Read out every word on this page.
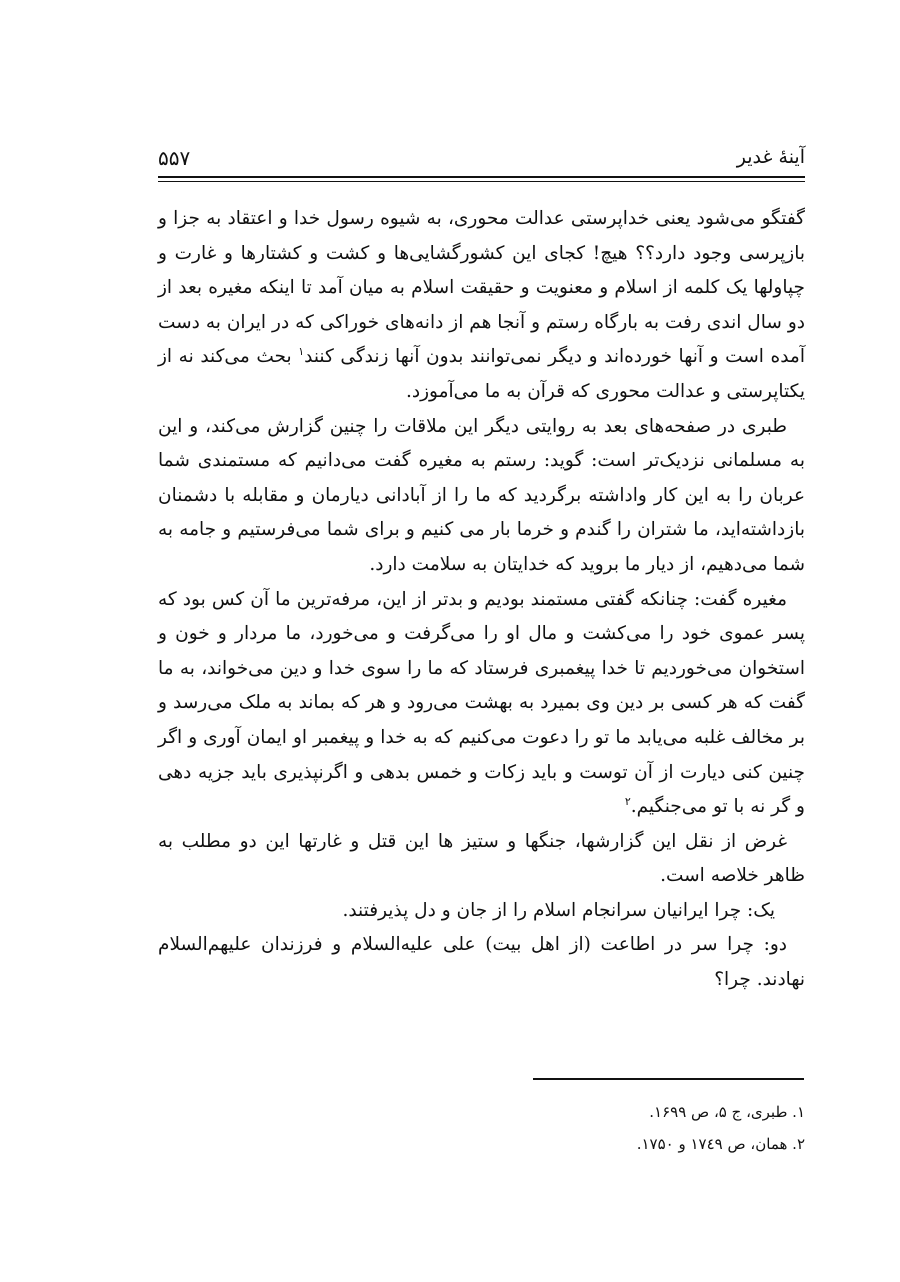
آینهٔ غدیر
۵۵۷

گفتگو می‌شود یعنی خداپرستی عدالت محوری، به شیوه رسول خدا و اعتقاد به جزا و بازپرسی وجود دارد؟؟ هیچ! کجای این کشورگشایی‌ها و کشت و کشتارها و غارت و چپاولها یک کلمه از اسلام و معنویت و حقیقت اسلام به میان آمد تا اینکه مغیره بعد از دو سال اندی رفت به بارگاه رستم و آنجا هم از دانه‌های خوراکی که در ایران به دست آمده است و آنها خورده‌اند و دیگر نمی‌توانند بدون آنها زندگی کنند$^۱$ بحث می‌کند نه از یکتاپرستی و عدالت محوری که قرآن به ما می‌آموزد.

طبری در صفحه‌های بعد به روایتی دیگر این ملاقات را چنین گزارش می‌کند، و این به مسلمانی نزدیک‌تر است: گوید: رستم به مغیره گفت می‌دانیم که مستمندی شما عربان را به این کار واداشته برگردید که ما را از آبادانی دیارمان و مقابله با دشمنان بازداشته‌اید، ما شتران را گندم و خرما بار می کنیم و برای شما می‌فرستیم و جامه به شما می‌دهیم، از دیار ما بروید که خدایتان به سلامت دارد.

مغیره گفت: چنانکه گفتی مستمند بودیم و بدتر از این، مرفه‌ترین ما آن کس بود که پسر عموی خود را می‌کشت و مال او را می‌گرفت و می‌خورد، ما مردار و خون و استخوان می‌خوردیم تا خدا پیغمبری فرستاد که ما را سوی خدا و دین می‌خواند، به ما گفت که هر کسی بر دین وی بمیرد به بهشت می‌رود و هر که بماند به ملک می‌رسد و بر مخالف غلبه می‌یابد ما تو را دعوت می‌کنیم که به خدا و پیغمبر او ایمان آوری و اگر چنین کنی دیارت از آن توست و باید زکات و خمس بدهی و اگرنپذیری باید جزیه دهی و گر نه با تو می‌جنگیم.$^۲$

غرض از نقل این گزارشها، جنگها و ستیز ها این قتل و غارتها این دو مطلب به ظاهر خلاصه است.

یک: چرا ایرانیان سرانجام اسلام را از جان و دل پذیرفتند.

دو: چرا سر در اطاعت (از اهل بیت) علی علیه‌السلام و فرزندان علیهم‌السلام نهادند. چرا؟

۱. طبری، ج ۵، ص ۱۶۹۹.
۲. همان، ص ۱۷٤۹ و ۱۷۵۰.
